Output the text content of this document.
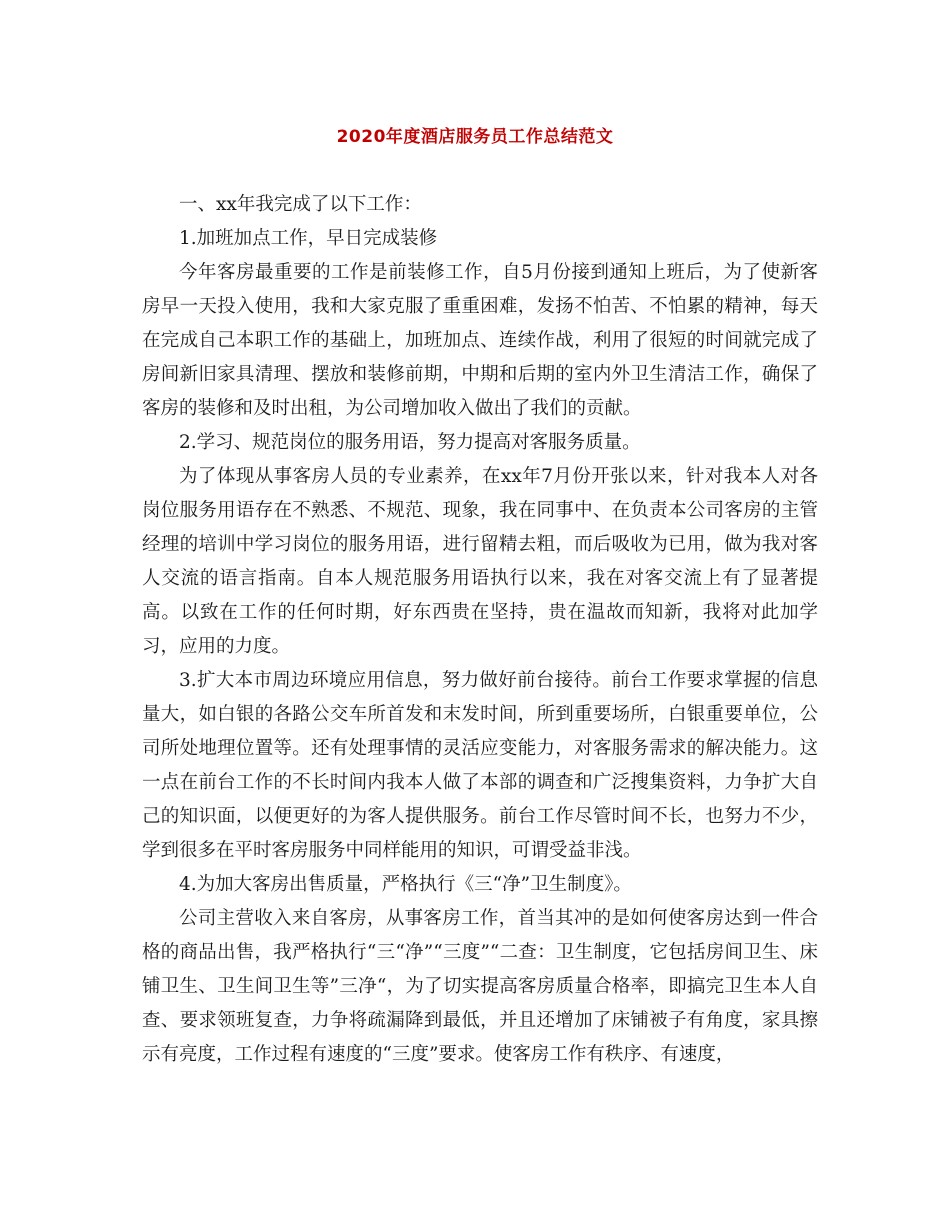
2020年度酒店服务员工作总结范文

一、xx年我完成了以下工作：

1.加班加点工作，早日完成装修

今年客房最重要的工作是前装修工作，自5月份接到通知上班后，为了使新客房早一天投入使用，我和大家克服了重重困难，发扬不怕苦、不怕累的精神，每天在完成自己本职工作的基础上，加班加点、连续作战，利用了很短的时间就完成了房间新旧家具清理、摆放和装修前期，中期和后期的室内外卫生清洁工作，确保了客房的装修和及时出租，为公司增加收入做出了我们的贡献。

2.学习、规范岗位的服务用语，努力提高对客服务质量。

为了体现从事客房人员的专业素养，在xx年7月份开张以来，针对我本人对各岗位服务用语存在不熟悉、不规范、现象，我在同事中、在负责本公司客房的主管经理的培训中学习岗位的服务用语，进行留精去粗，而后吸收为已用，做为我对客人交流的语言指南。自本人规范服务用语执行以来，我在对客交流上有了显著提高。以致在工作的任何时期，好东西贵在坚持，贵在温故而知新，我将对此加学习，应用的力度。

3.扩大本市周边环境应用信息，努力做好前台接待。前台工作要求掌握的信息量大，如白银的各路公交车所首发和末发时间，所到重要场所，白银重要单位，公司所处地理位置等。还有处理事情的灵活应变能力，对客服务需求的解决能力。这一点在前台工作的不长时间内我本人做了本部的调查和广泛搜集资料，力争扩大自己的知识面，以便更好的为客人提供服务。前台工作尽管时间不长，也努力不少，学到很多在平时客房服务中同样能用的知识，可谓受益非浅。

4.为加大客房出售质量，严格执行《三“净”卫生制度》。

公司主营收入来自客房，从事客房工作，首当其冲的是如何使客房达到一件合格的商品出售，我严格执行“三“净”“三度”“二查：卫生制度，它包括房间卫生、床铺卫生、卫生间卫生等”三净“，为了切实提高客房质量合格率，即搞完卫生本人自查、要求领班复查，力争将疏漏降到最低，并且还增加了床铺被子有角度，家具擦示有亮度，工作过程有速度的“三度”要求。使客房工作有秩序、有速度，
